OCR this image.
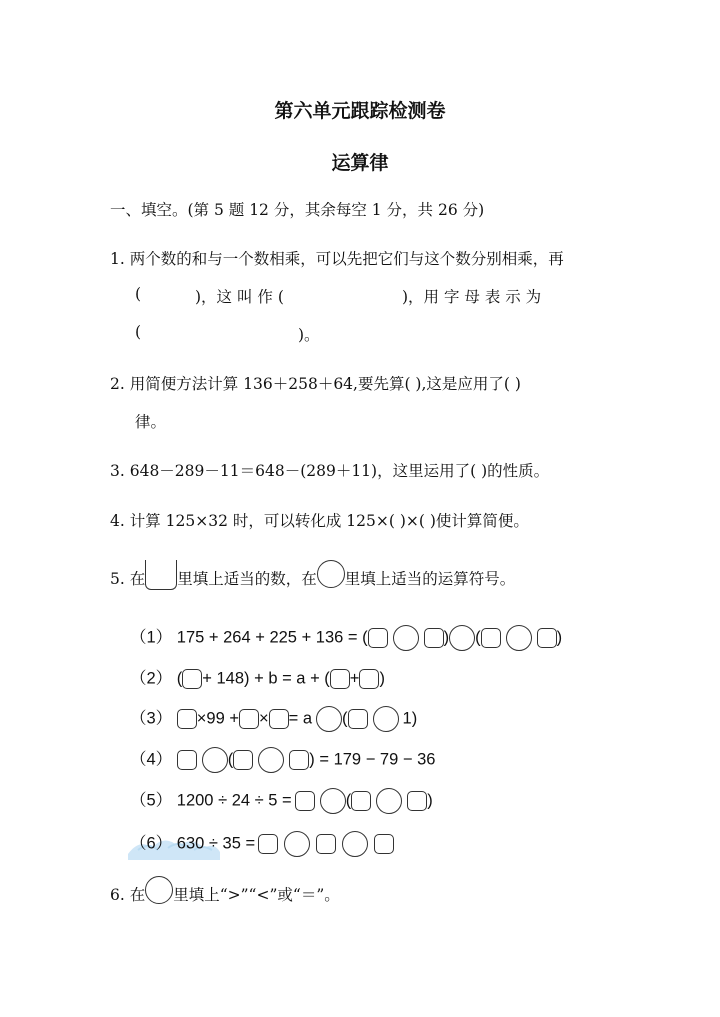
第六单元跟踪检测卷
运算律
一、填空。(第 5 题 12 分，其余每空 1 分，共 26 分)
1. 两个数的和与一个数相乘，可以先把它们与这个数分别相乘，再
(	)，这 叫 作 (	)，用 字 母 表 示 为
(	)。
2. 用简便方法计算 136＋258＋64,要先算( ),这是应用了( )
律。
3. 648－289－11＝648－(289＋11)，这里运用了( )的性质。
4. 计算 125×32 时，可以转化成 125×( )×( )使计算简便。
5. 在 里填上适当的数，在 里填上适当的运算符号。
（1） 175 + 264 + 225 + 136 = (	) (	)
（2） ( + 148) + b = a + ( + )
（3） ×99 + × = a (	1)
（4）	(	) = 179 − 79 − 36
（5） 1200 ÷ 24 ÷ 5 =	(	)
（6） 630 ÷ 35 =
6. 在 里填上“>”“<”或“＝”。
